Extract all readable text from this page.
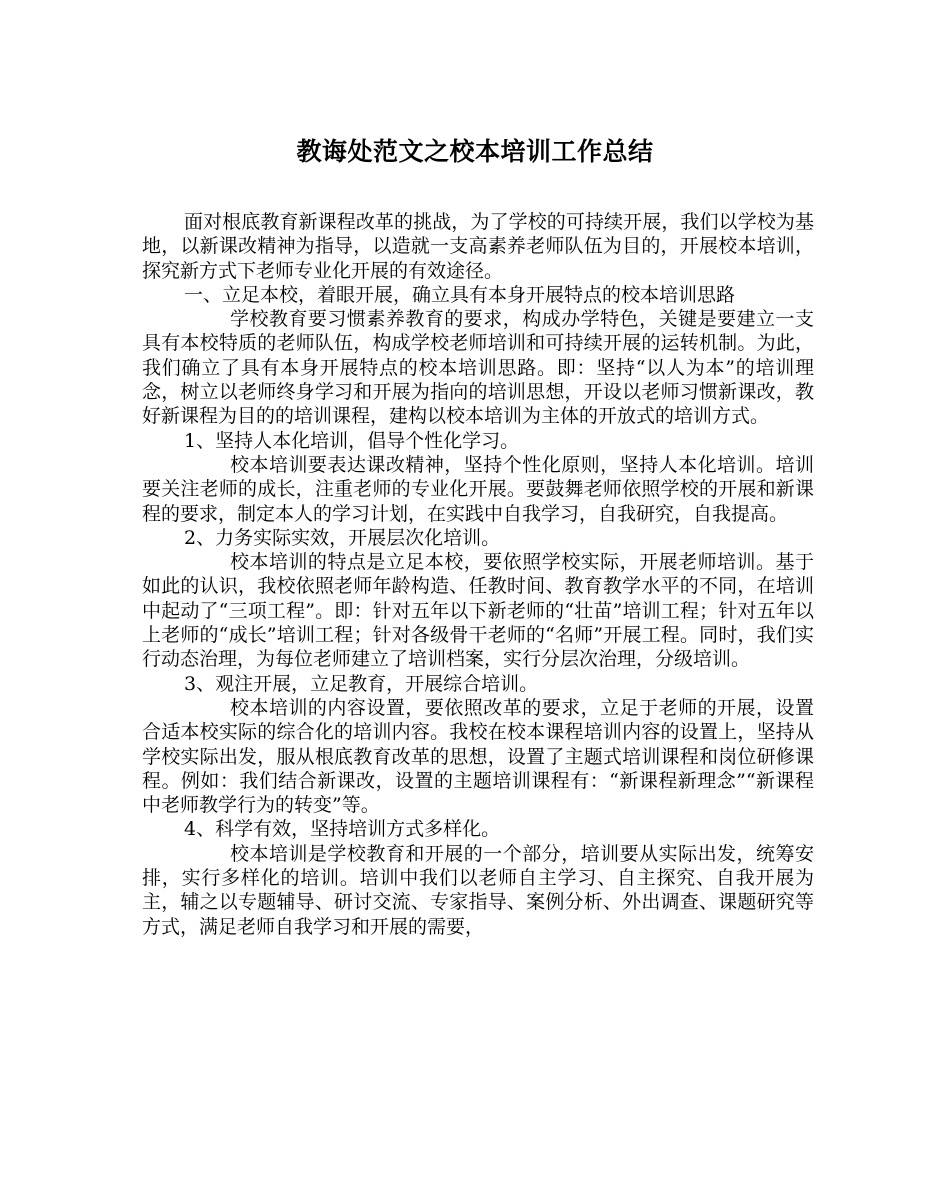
教诲处范文之校本培训工作总结

面对根底教育新课程改革的挑战，为了学校的可持续开展，我们以学校为基地，以新课改精神为指导，以造就一支高素养老师队伍为目的，开展校本培训，探究新方式下老师专业化开展的有效途径。

一、立足本校，着眼开展，确立具有本身开展特点的校本培训思路

学校教育要习惯素养教育的要求，构成办学特色，关键是要建立一支具有本校特质的老师队伍，构成学校老师培训和可持续开展的运转机制。为此，我们确立了具有本身开展特点的校本培训思路。即：坚持“以人为本”的培训理念，树立以老师终身学习和开展为指向的培训思想，开设以老师习惯新课改，教好新课程为目的的培训课程，建构以校本培训为主体的开放式的培训方式。

1、坚持人本化培训，倡导个性化学习。

校本培训要表达课改精神，坚持个性化原则，坚持人本化培训。培训要关注老师的成长，注重老师的专业化开展。要鼓舞老师依照学校的开展和新课程的要求，制定本人的学习计划，在实践中自我学习，自我研究，自我提高。

2、力务实际实效，开展层次化培训。

校本培训的特点是立足本校，要依照学校实际，开展老师培训。基于如此的认识，我校依照老师年龄构造、任教时间、教育教学水平的不同，在培训中起动了“三项工程”。即：针对五年以下新老师的“壮苗”培训工程；针对五年以上老师的“成长”培训工程；针对各级骨干老师的“名师”开展工程。同时，我们实行动态治理，为每位老师建立了培训档案，实行分层次治理，分级培训。

3、观注开展，立足教育，开展综合培训。

校本培训的内容设置，要依照改革的要求，立足于老师的开展，设置合适本校实际的综合化的培训内容。我校在校本课程培训内容的设置上，坚持从学校实际出发，服从根底教育改革的思想，设置了主题式培训课程和岗位研修课程。例如：我们结合新课改，设置的主题培训课程有：“新课程新理念”“新课程中老师教学行为的转变”等。

4、科学有效，坚持培训方式多样化。

校本培训是学校教育和开展的一个部分，培训要从实际出发，统筹安排，实行多样化的培训。培训中我们以老师自主学习、自主探究、自我开展为主，辅之以专题辅导、研讨交流、专家指导、案例分析、外出调查、课题研究等方式，满足老师自我学习和开展的需要，
